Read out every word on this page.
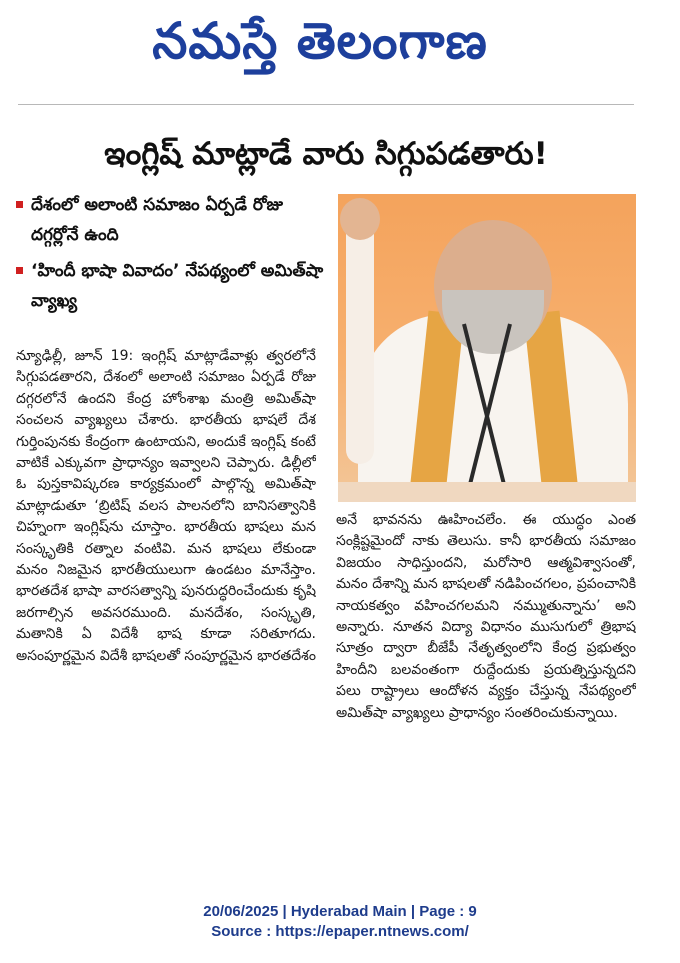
నమస్తే తెలంగాణ
ఇంగ్లిష్ మాట్లాడే వారు సిగ్గుపడతారు!
దేశంలో అలాంటి సమాజం ఏర్పడే రోజు దగ్గర్లోనే ఉంది
‘హిందీ భాషా వివాదం’ నేపథ్యంలో అమిత్‌షా వ్యాఖ్య

న్యూఢిల్లీ, జూన్ 19: ఇంగ్లిష్ మాట్లాడేవాళ్లు త్వరలోనే సిగ్గుపడతారని, దేశంలో అలాంటి సమాజం ఏర్పడే రోజు దగ్గరలోనే ఉందని కేంద్ర హోంశాఖ మంత్రి అమిత్‌షా సంచలన వ్యాఖ్యలు చేశారు. భారతీయ భాషలే దేశ గుర్తింపునకు కేంద్రంగా ఉంటాయని, అందుకే ఇంగ్లిష్ కంటే వాటికే ఎక్కువగా ప్రాధాన్యం ఇవ్వాలని చెప్పారు. డిల్లీలో ఓ పుస్తకావిష్కరణ కార్యక్రమంలో పాల్గొన్న అమిత్‌షా మాట్లాడుతూ ‘బ్రిటిష్ వలస పాలనలోని బానిసత్వానికి చిహ్నంగా ఇంగ్లిష్‌ను చూస్తాం. భారతీయ భాషలు మన సంస్కృతికి రత్నాల వంటివి. మన భాషలు లేకుండా మనం నిజమైన భారతీయులుగా ఉండటం మానేస్తాం. భారతదేశ భాషా వారసత్వాన్ని పునరుద్ధరించేందుకు కృషి జరగాల్సిన అవసరముంది. మనదేశం, సంస్కృతి, మతానికి ఏ విదేశీ భాష కూడా సరితూగదు. అసంపూర్ణమైన విదేశీ భాషలతో సంపూర్ణమైన భారతదేశం

అనే భావనను ఊహించలేం. ఈ యుద్ధం ఎంత సంక్లిష్టమైందో నాకు తెలుసు. కానీ భారతీయ సమాజం విజయం సాధిస్తుందని, మరోసారి ఆత్మవిశ్వాసంతో, మనం దేశాన్ని మన భాషలతో నడిపించగలం, ప్రపంచానికి నాయకత్వం వహించగలమని నమ్ముతున్నాను’ అని అన్నారు. నూతన విద్యా విధానం ముసుగులో త్రిభాష సూత్రం ద్వారా బీజేపీ నేతృత్వంలోని కేంద్ర ప్రభుత్వం హిందీని బలవంతంగా రుద్దేందుకు ప్రయత్నిస్తున్నదని పలు రాష్ట్రాలు ఆందోళన వ్యక్తం చేస్తున్న నేపథ్యంలో అమిత్‌షా వ్యాఖ్యలు ప్రాధాన్యం సంతరించుకున్నాయి.

20/06/2025 | Hyderabad Main | Page : 9
Source : https://epaper.ntnews.com/
